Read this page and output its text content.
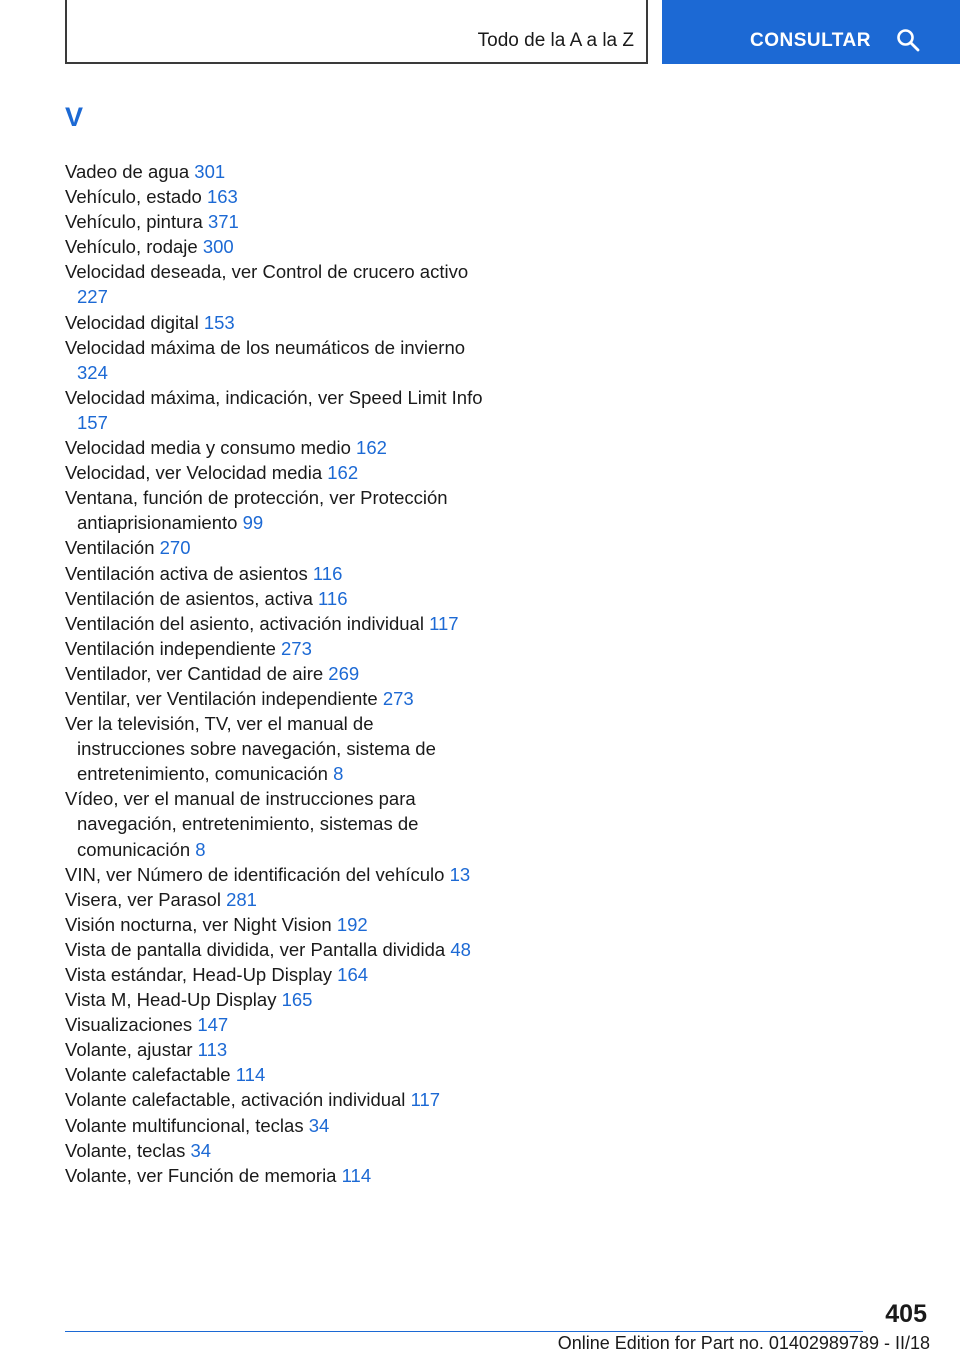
Todo de la A a la Z	CONSULTAR
V
Vadeo de agua 301
Vehículo, estado 163
Vehículo, pintura 371
Vehículo, rodaje 300
Velocidad deseada, ver Control de crucero activo 227
Velocidad digital 153
Velocidad máxima de los neumáticos de invierno 324
Velocidad máxima, indicación, ver Speed Limit Info 157
Velocidad media y consumo medio 162
Velocidad, ver Velocidad media 162
Ventana, función de protección, ver Protección antiaprisionamiento 99
Ventilación 270
Ventilación activa de asientos 116
Ventilación de asientos, activa 116
Ventilación del asiento, activación individual 117
Ventilación independiente 273
Ventilador, ver Cantidad de aire 269
Ventilar, ver Ventilación independiente 273
Ver la televisión, TV, ver el manual de instrucciones sobre navegación, sistema de entretenimiento, comunicación 8
Vídeo, ver el manual de instrucciones para navegación, entretenimiento, sistemas de comunicación 8
VIN, ver Número de identificación del vehículo 13
Visera, ver Parasol 281
Visión nocturna, ver Night Vision 192
Vista de pantalla dividida, ver Pantalla dividida 48
Vista estándar, Head-Up Display 164
Vista M, Head-Up Display 165
Visualizaciones 147
Volante, ajustar 113
Volante calefactable 114
Volante calefactable, activación individual 117
Volante multifuncional, teclas 34
Volante, teclas 34
Volante, ver Función de memoria 114
405
Online Edition for Part no. 01402989789 - II/18
